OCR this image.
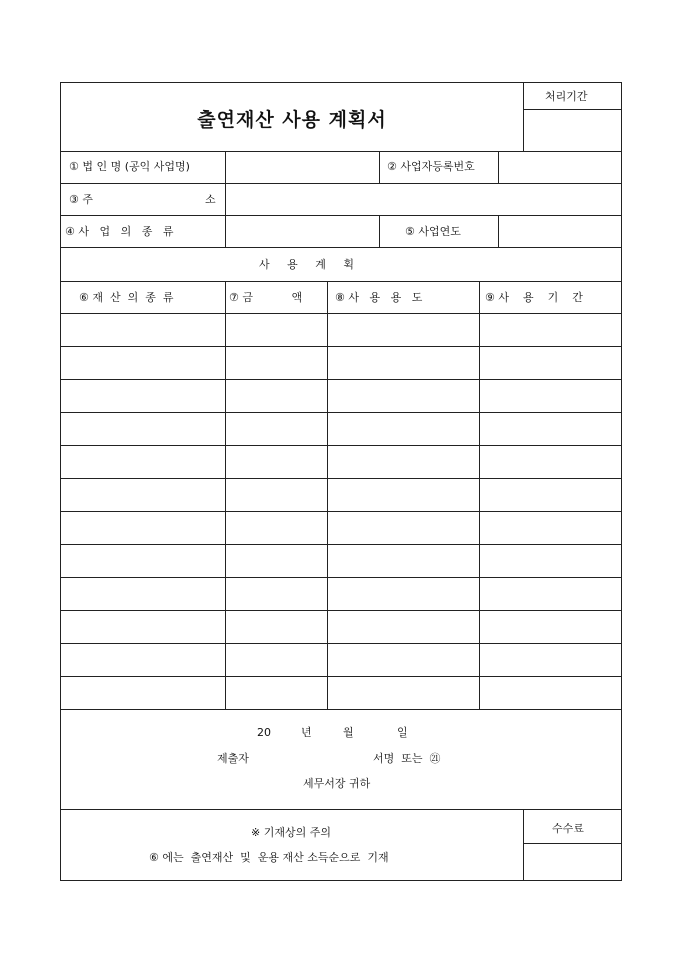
출연재산 사용 계획서
처리기간
① 법 인 명 (공익 사업명)	② 사업자등록번호
③ 주	소
④ 사   업   의   종   류	⑤ 사업연도
사     용     계     획
⑥ 재  산  의  종  류	⑦ 금           액	⑧ 사   용   용   도	⑨ 사    용    기    간
20	년	월	일
제출자	서명  또는  ㉑
세무서장 귀하
※ 기재상의 주의
⑥ 에는  출연재산  및  운용 재산 소득순으로  기재
수수료
